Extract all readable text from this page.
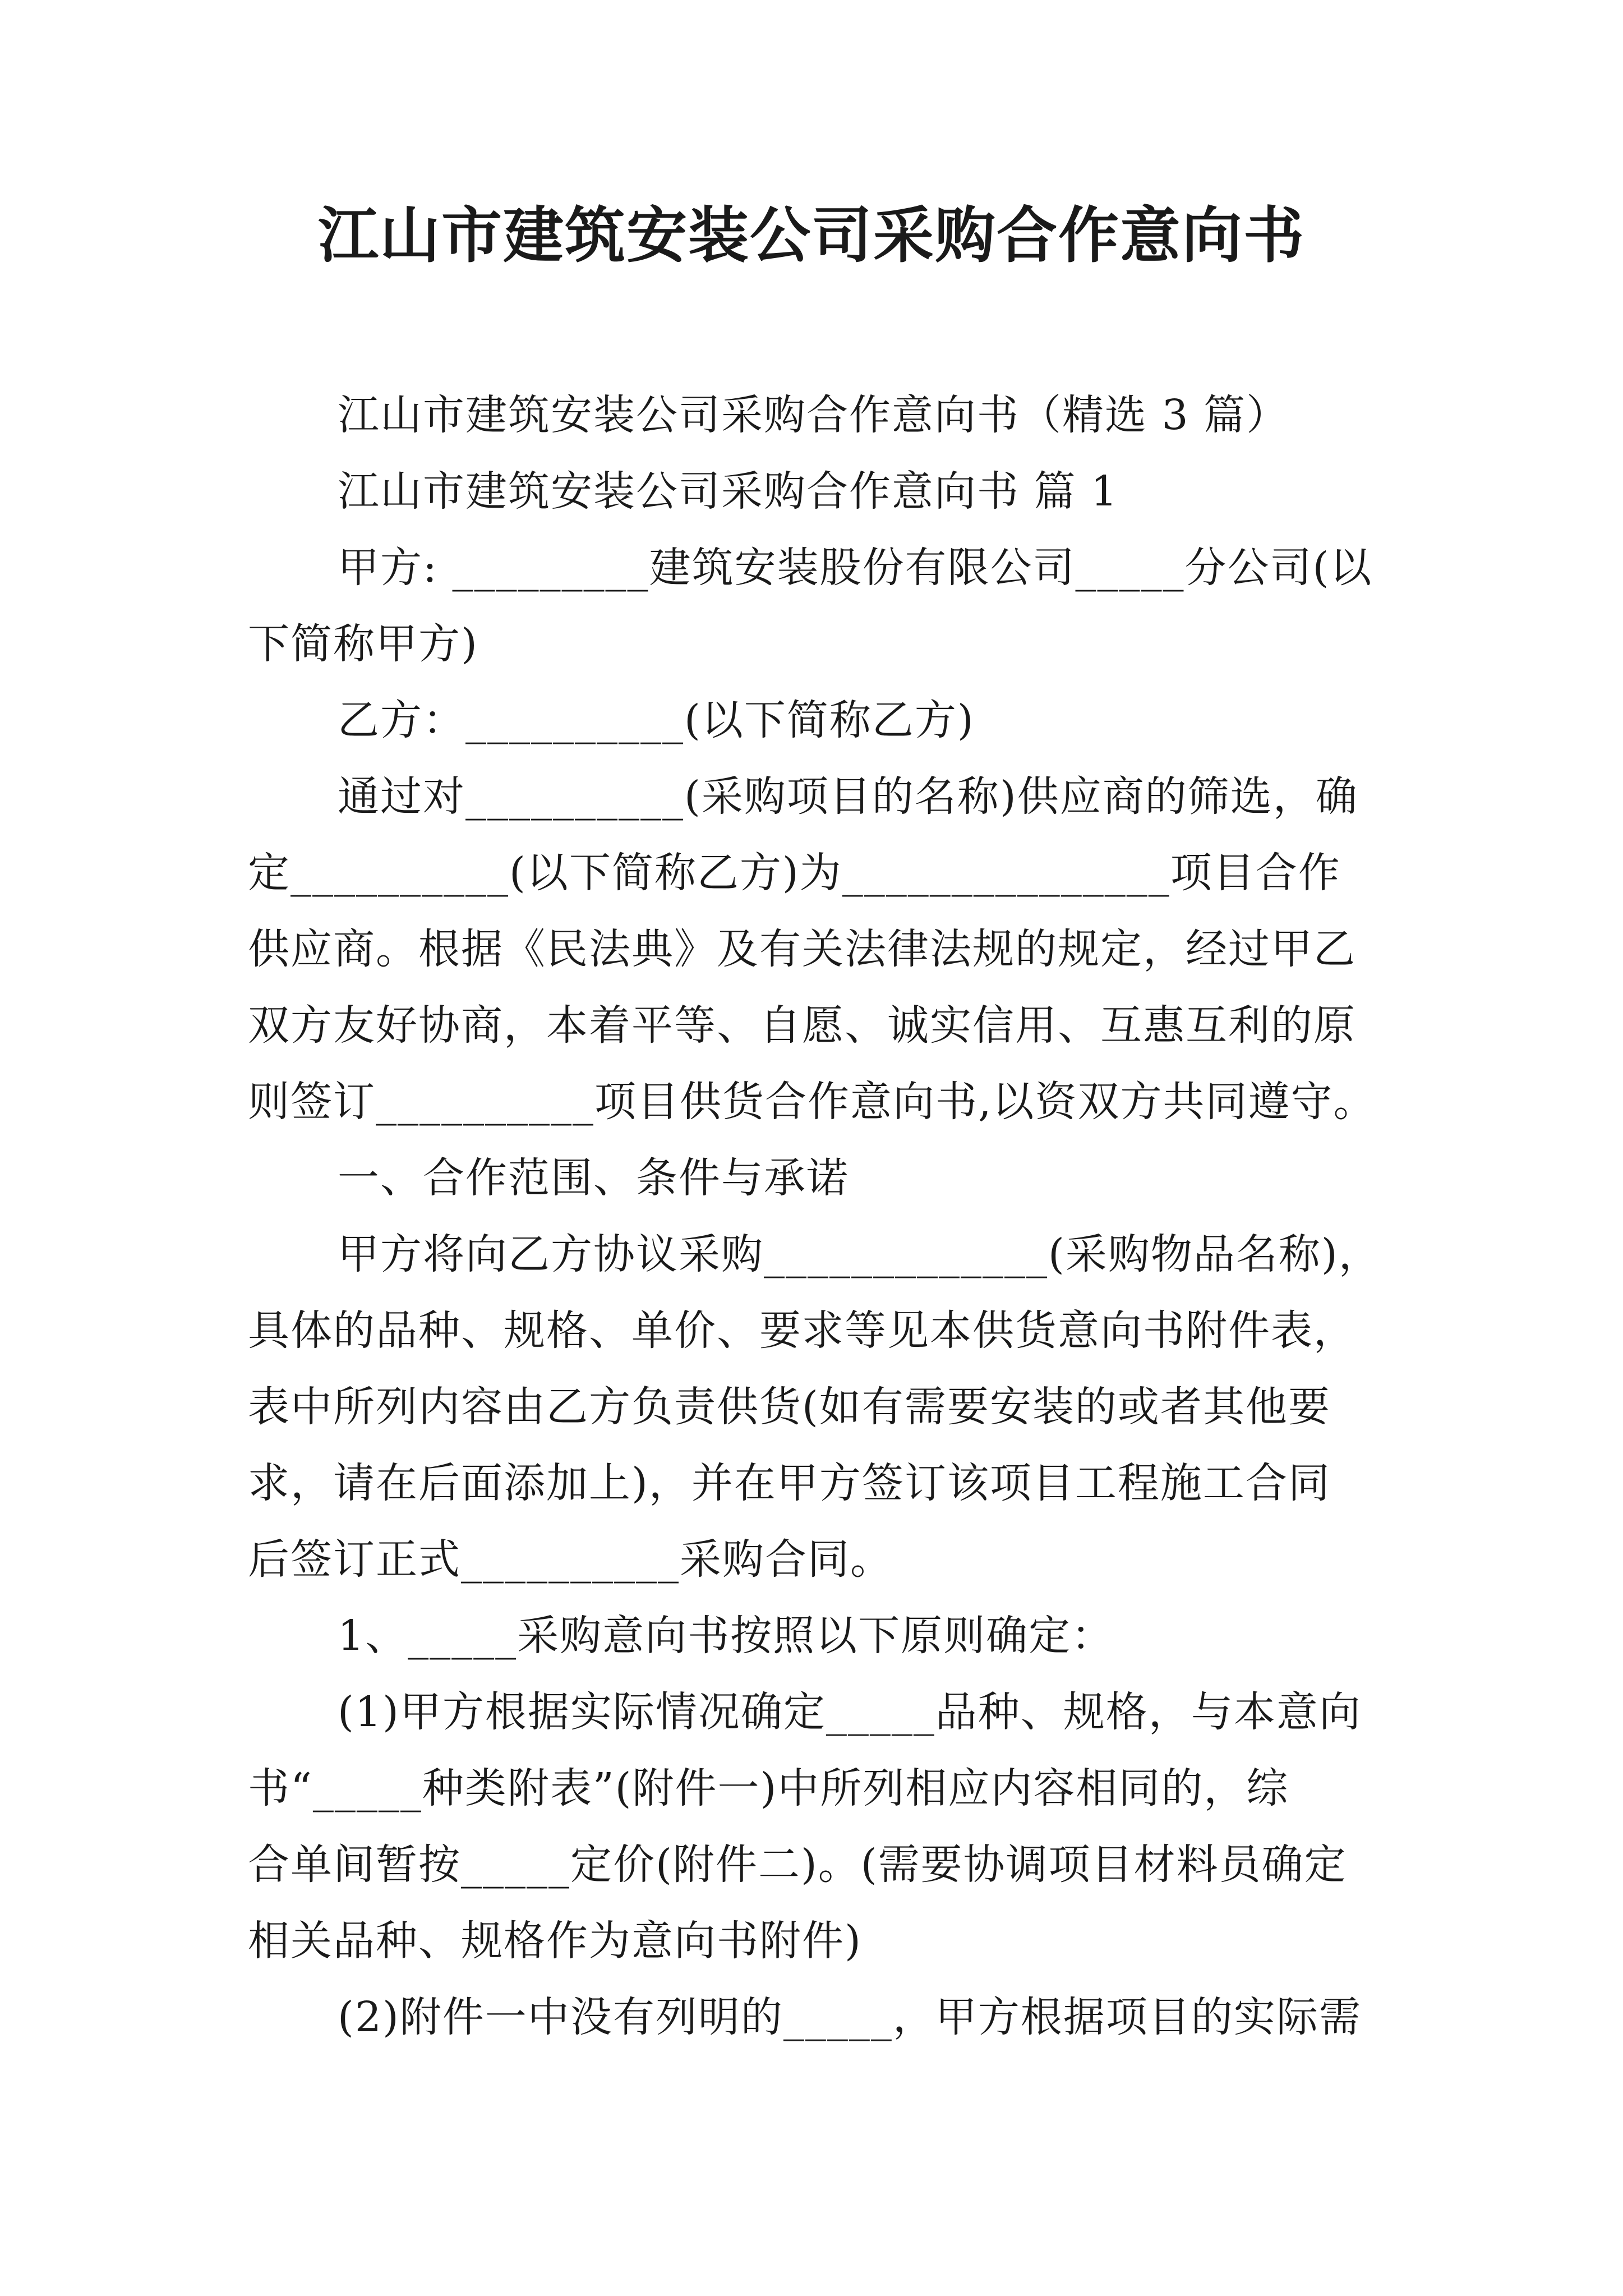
江山市建筑安装公司采购合作意向书
江山市建筑安装公司采购合作意向书（精选 3 篇）
江山市建筑安装公司采购合作意向书 篇 1
甲方: _________建筑安装股份有限公司_____分公司(以
下简称甲方)
乙方：__________(以下简称乙方)
通过对__________(采购项目的名称)供应商的筛选，确
定__________(以下简称乙方)为_______________项目合作
供应商。根据《民法典》及有关法律法规的规定，经过甲乙
双方友好协商，本着平等、自愿、诚实信用、互惠互利的原
则签订__________项目供货合作意向书,以资双方共同遵守。
一、合作范围、条件与承诺
甲方将向乙方协议采购_____________(采购物品名称)，
具体的品种、规格、单价、要求等见本供货意向书附件表，
表中所列内容由乙方负责供货(如有需要安装的或者其他要
求，请在后面添加上)，并在甲方签订该项目工程施工合同
后签订正式__________采购合同。
1、_____采购意向书按照以下原则确定：
(1)甲方根据实际情况确定_____品种、规格，与本意向
书“_____种类附表”(附件一)中所列相应内容相同的，综
合单间暂按_____定价(附件二)。(需要协调项目材料员确定
相关品种、规格作为意向书附件)
(2)附件一中没有列明的_____，甲方根据项目的实际需
